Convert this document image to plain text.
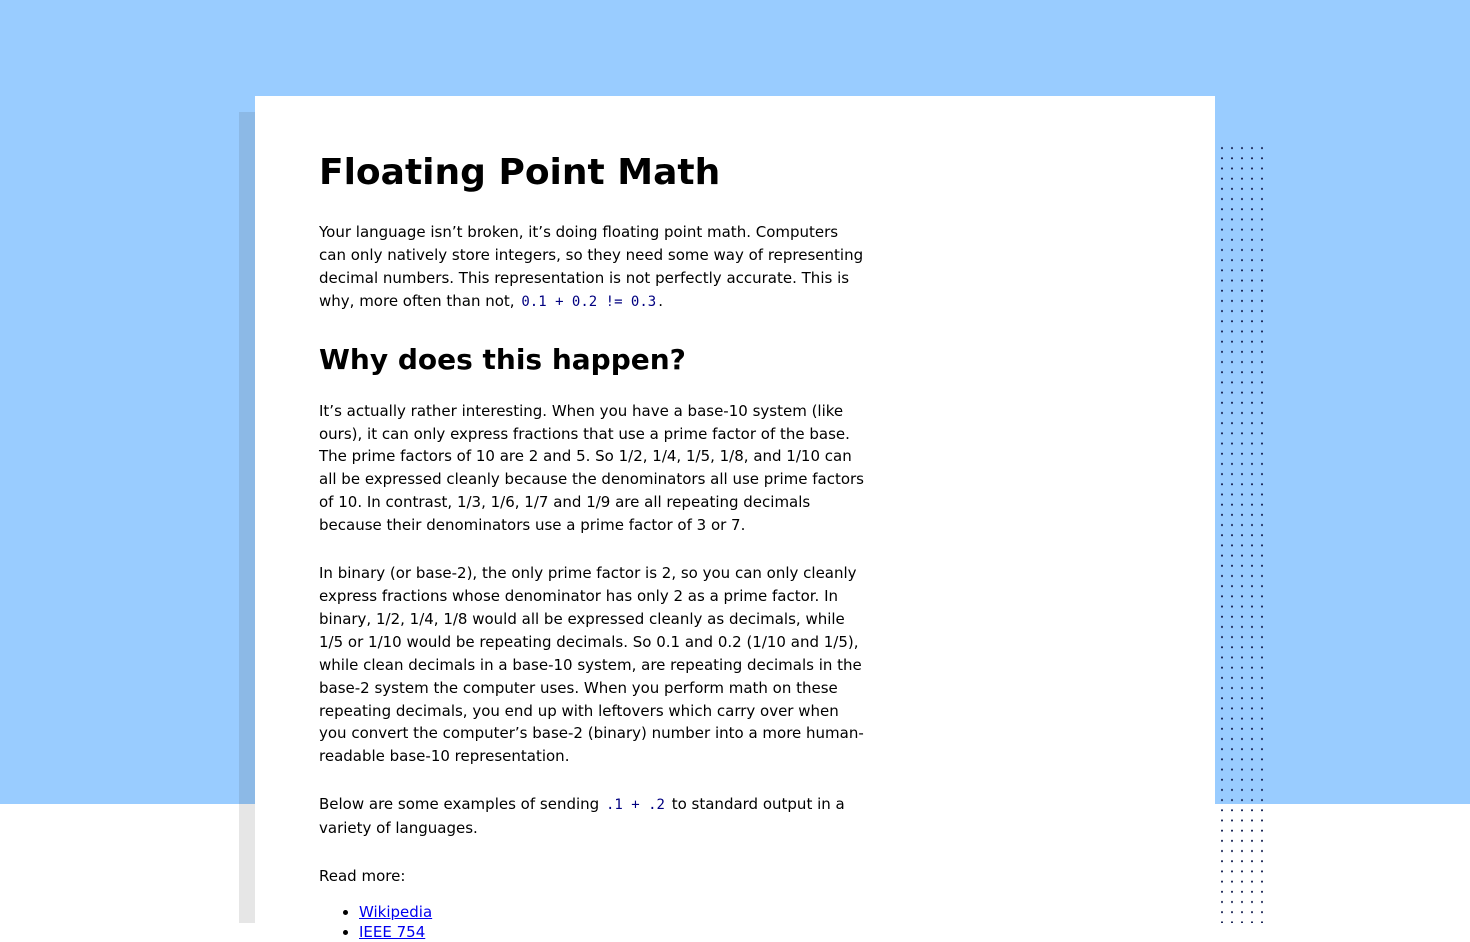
Floating Point Math

Your language isn’t broken, it’s doing floating point math. Computers can only natively store integers, so they need some way of representing decimal numbers. This representation is not perfectly accurate. This is why, more often than not, 0.1 + 0.2 != 0.3 .

Why does this happen?

It’s actually rather interesting. When you have a base-10 system (like ours), it can only express fractions that use a prime factor of the base. The prime factors of 10 are 2 and 5. So 1/2, 1/4, 1/5, 1/8, and 1/10 can all be expressed cleanly because the denominators all use prime factors of 10. In contrast, 1/3, 1/6, 1/7 and 1/9 are all repeating decimals because their denominators use a prime factor of 3 or 7.

In binary (or base-2), the only prime factor is 2, so you can only cleanly express fractions whose denominator has only 2 as a prime factor. In binary, 1/2, 1/4, 1/8 would all be expressed cleanly as decimals, while 1/5 or 1/10 would be repeating decimals. So 0.1 and 0.2 (1/10 and 1/5), while clean decimals in a base-10 system, are repeating decimals in the base-2 system the computer uses. When you perform math on these repeating decimals, you end up with leftovers which carry over when you convert the computer’s base-2 (binary) number into a more human-readable base-10 representation.

Below are some examples of sending .1 + .2 to standard output in a variety of languages.

Read more:

• Wikipedia
• IEEE 754
